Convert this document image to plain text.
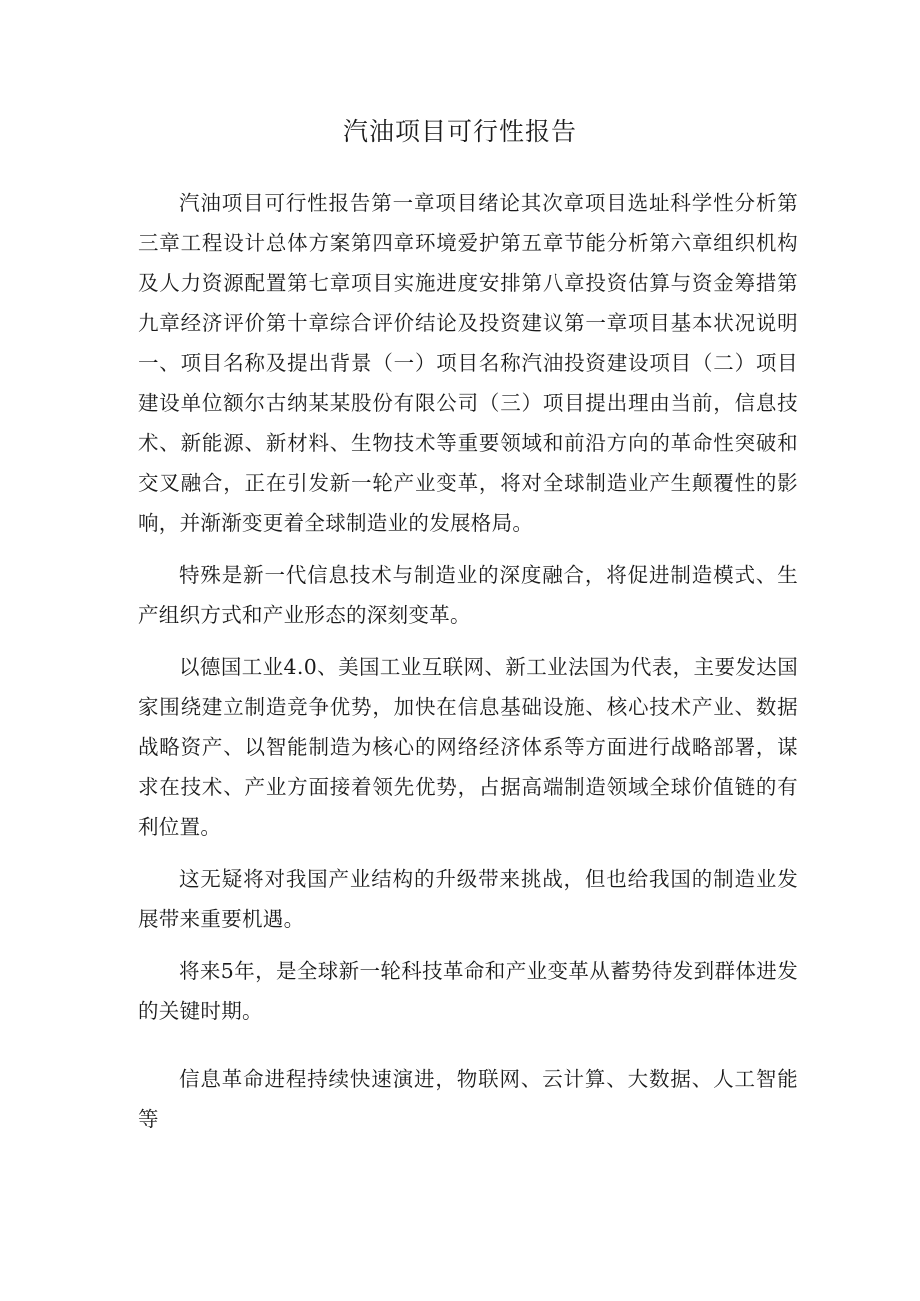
汽油项目可行性报告

汽油项目可行性报告第一章项目绪论其次章项目选址科学性分析第三章工程设计总体方案第四章环境爱护第五章节能分析第六章组织机构及人力资源配置第七章项目实施进度安排第八章投资估算与资金筹措第九章经济评价第十章综合评价结论及投资建议第一章项目基本状况说明一、项目名称及提出背景（一）项目名称汽油投资建设项目（二）项目建设单位额尔古纳某某股份有限公司（三）项目提出理由当前，信息技术、新能源、新材料、生物技术等重要领域和前沿方向的革命性突破和交叉融合，正在引发新一轮产业变革，将对全球制造业产生颠覆性的影响，并渐渐变更着全球制造业的发展格局。

特殊是新一代信息技术与制造业的深度融合，将促进制造模式、生产组织方式和产业形态的深刻变革。

以德国工业4.0、美国工业互联网、新工业法国为代表，主要发达国家围绕建立制造竞争优势，加快在信息基础设施、核心技术产业、数据战略资产、以智能制造为核心的网络经济体系等方面进行战略部署，谋求在技术、产业方面接着领先优势，占据高端制造领域全球价值链的有利位置。

这无疑将对我国产业结构的升级带来挑战，但也给我国的制造业发展带来重要机遇。

将来5年，是全球新一轮科技革命和产业变革从蓄势待发到群体进发的关键时期。

信息革命进程持续快速演进，物联网、云计算、大数据、人工智能等
